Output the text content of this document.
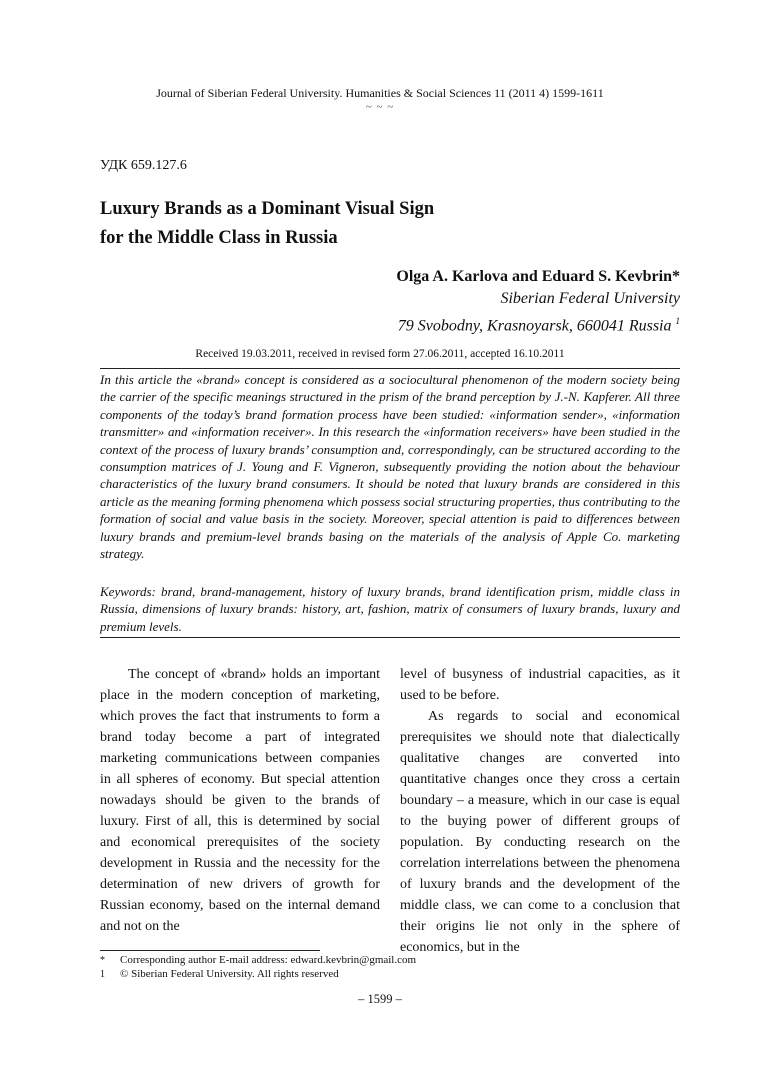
Journal of Siberian Federal University. Humanities & Social Sciences 11 (2011 4) 1599-1611
~ ~ ~
УДК 659.127.6
Luxury Brands as a Dominant Visual Sign
for the Middle Class in Russia
Olga A. Karlova and Eduard S. Kevbrin*
Siberian Federal University
79 Svobodny, Krasnoyarsk, 660041 Russia $^1$
Received 19.03.2011, received in revised form 27.06.2011, accepted 16.10.2011

In this article the «brand» concept is considered as a sociocultural phenomenon of the modern society being the carrier of the specific meanings structured in the prism of the brand perception by J.-N. Kapferer. All three components of the today’s brand formation process have been studied: «information sender», «information transmitter» and «information receiver». In this research the «information receivers» have been studied in the context of the process of luxury brands’ consumption and, correspondingly, can be structured according to the consumption matrices of J. Young and F. Vigneron, subsequently providing the notion about the behaviour characteristics of the luxury brand consumers. It should be noted that luxury brands are considered in this article as the meaning forming phenomena which possess social structuring properties, thus contributing to the formation of social and value basis in the society. Moreover, special attention is paid to differences between luxury brands and premium-level brands basing on the materials of the analysis of Apple Co. marketing strategy.

Keywords: brand, brand-management, history of luxury brands, brand identification prism, middle class in Russia, dimensions of luxury brands: history, art, fashion, matrix of consumers of luxury brands, luxury and premium levels.

The concept of «brand» holds an important place in the modern conception of marketing, which proves the fact that instruments to form a brand today become a part of integrated marketing communications between companies in all spheres of economy. But special attention nowadays should be given to the brands of luxury. First of all, this is determined by social and economical prerequisites of the society development in Russia and the necessity for the determination of new drivers of growth for Russian economy, based on the internal demand and not on the

level of busyness of industrial capacities, as it used to be before.

As regards to social and economical prerequisites we should note that dialectically qualitative changes are converted into quantitative changes once they cross a certain boundary – a measure, which in our case is equal to the buying power of different groups of population. By conducting research on the correlation interrelations between the phenomena of luxury brands and the development of the middle class, we can come to a conclusion that their origins lie not only in the sphere of economics, but in the

* Corresponding author E-mail address: edward.kevbrin@gmail.com
1 © Siberian Federal University. All rights reserved
– 1599 –
